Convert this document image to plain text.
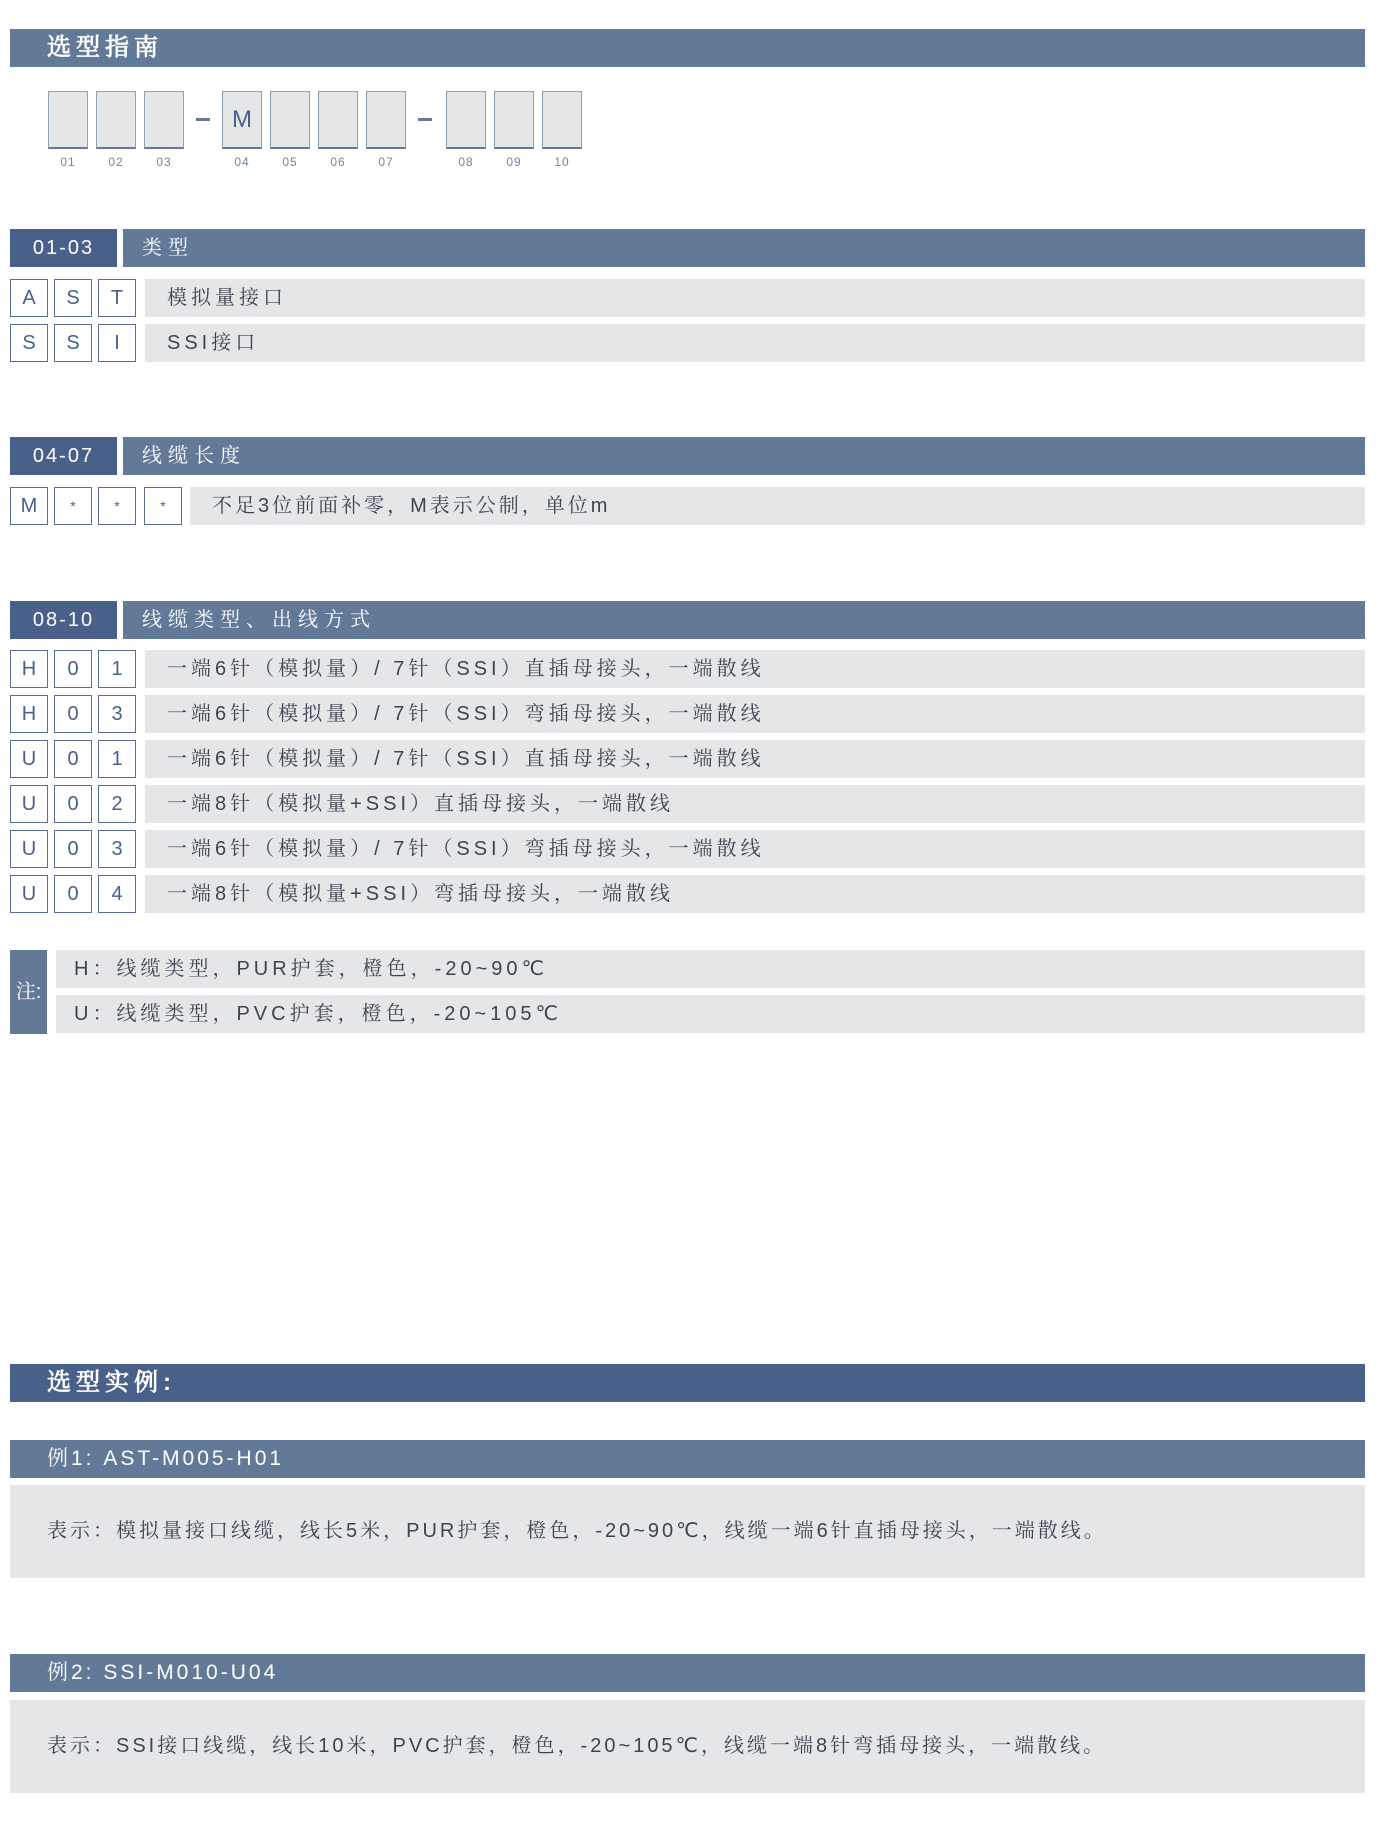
选型指南
M
01	02	03	04	05	06	07	08	09	10
01-03	类型
A	S	T	模拟量接口
S	S	I	SSI接口
04-07	线缆长度
M	*	*	*	不足3位前面补零，M表示公制，单位m
08-10	线缆类型、出线方式
H	0	1	一端6针（模拟量）/ 7针（SSI）直插母接头，一端散线
H	0	3	一端6针（模拟量）/ 7针（SSI）弯插母接头，一端散线
U	0	1	一端6针（模拟量）/ 7针（SSI）直插母接头，一端散线
U	0	2	一端8针（模拟量+SSI）直插母接头，一端散线
U	0	3	一端6针（模拟量）/ 7针（SSI）弯插母接头，一端散线
U	0	4	一端8针（模拟量+SSI）弯插母接头，一端散线
注:
H：线缆类型，PUR护套，橙色，-20~90℃
U：线缆类型，PVC护套，橙色，-20~105℃
选型实例:
例1: AST-M005-H01
表示：模拟量接口线缆，线长5米，PUR护套，橙色，-20~90℃，线缆一端6针直插母接头，一端散线。
例2: SSI-M010-U04
表示：SSI接口线缆，线长10米，PVC护套，橙色，-20~105℃，线缆一端8针弯插母接头，一端散线。
